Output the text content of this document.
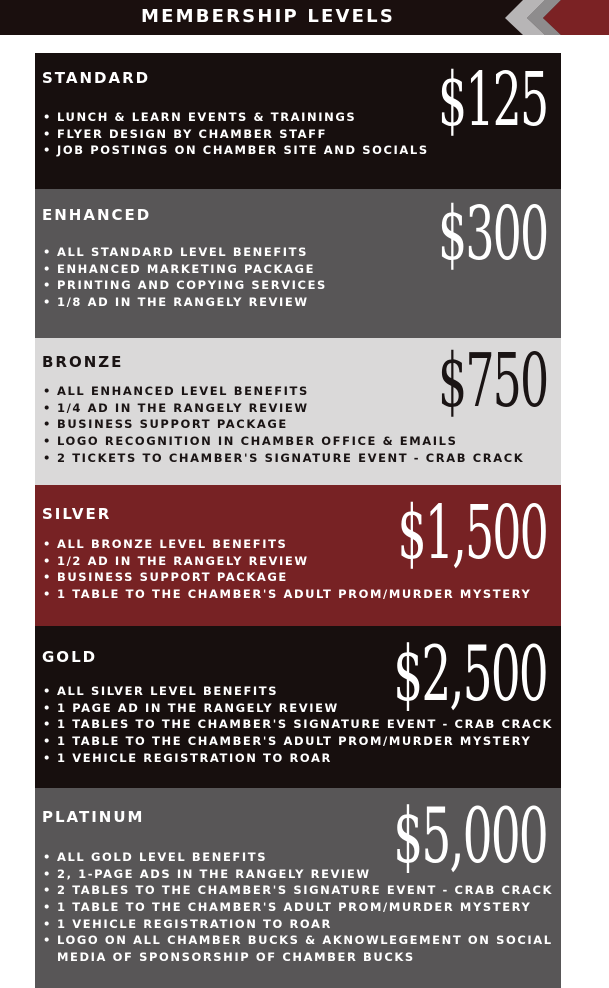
MEMBERSHIP LEVELS
STANDARD	$125
• LUNCH & LEARN EVENTS & TRAININGS
• FLYER DESIGN BY CHAMBER STAFF
• JOB POSTINGS ON CHAMBER SITE AND SOCIALS
ENHANCED	$300
• ALL STANDARD LEVEL BENEFITS
• ENHANCED MARKETING PACKAGE
• PRINTING AND COPYING SERVICES
• 1/8 AD IN THE RANGELY REVIEW
BRONZE	$750
• ALL ENHANCED LEVEL BENEFITS
• 1/4 AD IN THE RANGELY REVIEW
• BUSINESS SUPPORT PACKAGE
• LOGO RECOGNITION IN CHAMBER OFFICE & EMAILS
• 2 TICKETS TO CHAMBER'S SIGNATURE EVENT - CRAB CRACK
SILVER	$1,500
• ALL BRONZE LEVEL BENEFITS
• 1/2 AD IN THE RANGELY REVIEW
• BUSINESS SUPPORT PACKAGE
• 1 TABLE TO THE CHAMBER'S ADULT PROM/MURDER MYSTERY
GOLD	$2,500
• ALL SILVER LEVEL BENEFITS
• 1 PAGE AD IN THE RANGELY REVIEW
• 1 TABLES TO THE CHAMBER'S SIGNATURE EVENT - CRAB CRACK
• 1 TABLE TO THE CHAMBER'S ADULT PROM/MURDER MYSTERY
• 1 VEHICLE REGISTRATION TO ROAR
PLATINUM	$5,000
• ALL GOLD LEVEL BENEFITS
• 2, 1-PAGE ADS IN THE RANGELY REVIEW
• 2 TABLES TO THE CHAMBER'S SIGNATURE EVENT - CRAB CRACK
• 1 TABLE TO THE CHAMBER'S ADULT PROM/MURDER MYSTERY
• 1 VEHICLE REGISTRATION TO ROAR
• LOGO ON ALL CHAMBER BUCKS & AKNOWLEGEMENT ON SOCIAL MEDIA OF SPONSORSHIP OF CHAMBER BUCKS
